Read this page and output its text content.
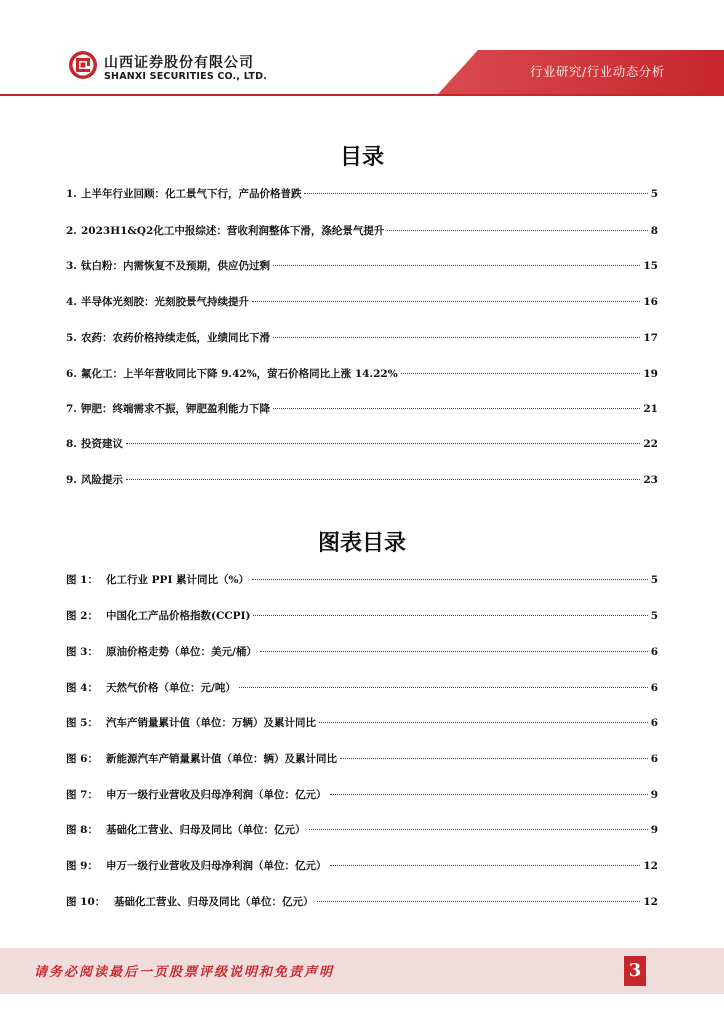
山西证券股份有限公司
SHANXI SECURITIES CO., LTD.	行业研究/行业动态分析
目录
1. 上半年行业回顾：化工景气下行，产品价格普跌	5
2. 2023H1&Q2化工中报综述：营收利润整体下滑，涤纶景气提升	8
3. 钛白粉：内需恢复不及预期，供应仍过剩	15
4. 半导体光刻胶：光刻胶景气持续提升	16
5. 农药：农药价格持续走低，业绩同比下滑	17
6. 氟化工：上半年营收同比下降 9.42%，萤石价格同比上涨 14.22%	19
7. 钾肥：终端需求不振，钾肥盈利能力下降	21
8. 投资建议	22
9. 风险提示	23
图表目录
图 1： 化工行业 PPI 累计同比（%）	5
图 2： 中国化工产品价格指数(CCPI)	5
图 3： 原油价格走势（单位：美元/桶）	6
图 4： 天然气价格（单位：元/吨）	6
图 5： 汽车产销量累计值（单位：万辆）及累计同比	6
图 6： 新能源汽车产销量累计值（单位：辆）及累计同比	6
图 7： 申万一级行业营收及归母净利润（单位：亿元）	9
图 8： 基础化工营业、归母及同比（单位：亿元）	9
图 9： 申万一级行业营收及归母净利润（单位：亿元）	12
图 10： 基础化工营业、归母及同比（单位：亿元）	12
请务必阅读最后一页股票评级说明和免责声明	3
